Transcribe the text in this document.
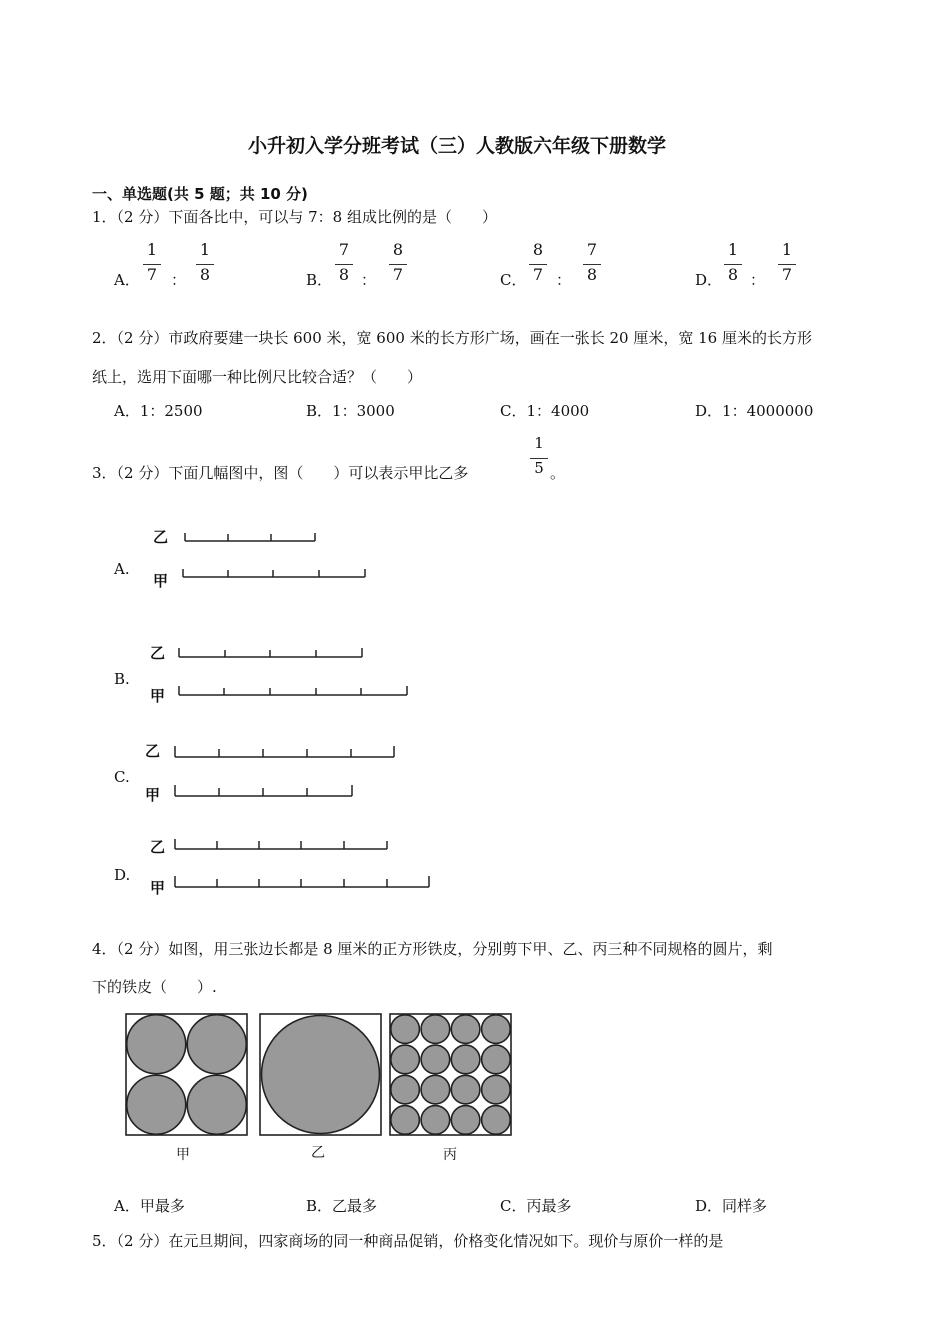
小升初入学分班考试（三）人教版六年级下册数学
一、单选题(共 5 题；共 10 分)
1．（2 分）下面各比中，可以与 7：8 组成比例的是（　　）
A．
1
7 ：
1
8	B．
7
8 ：
8
7	C．
8
7 ：
7
8	D．
1
8 ：
1
7
2．（2 分）市政府要建一块长 600 米，宽 600 米的长方形广场，画在一张长 20 厘米，宽 16 厘米的长方形
纸上，选用下面哪一种比例尺比较合适？（　　）
A．1：2500	B．1：3000	C．1：4000	D．1：4000000
3．（2 分）下面几幅图中，图（　　）可以表示甲比乙多
1
5 。
A.
乙
甲
B.
乙
甲
C.
乙
甲
D.
乙
甲
4．（2 分）如图，用三张边长都是 8 厘米的正方形铁皮，分别剪下甲、乙、丙三种不同规格的圆片，剩
下的铁皮（　　）.
甲	乙	丙
A．甲最多	B．乙最多	C．丙最多	D．同样多
5．（2 分）在元旦期间，四家商场的同一种商品促销，价格变化情况如下。现价与原价一样的是
